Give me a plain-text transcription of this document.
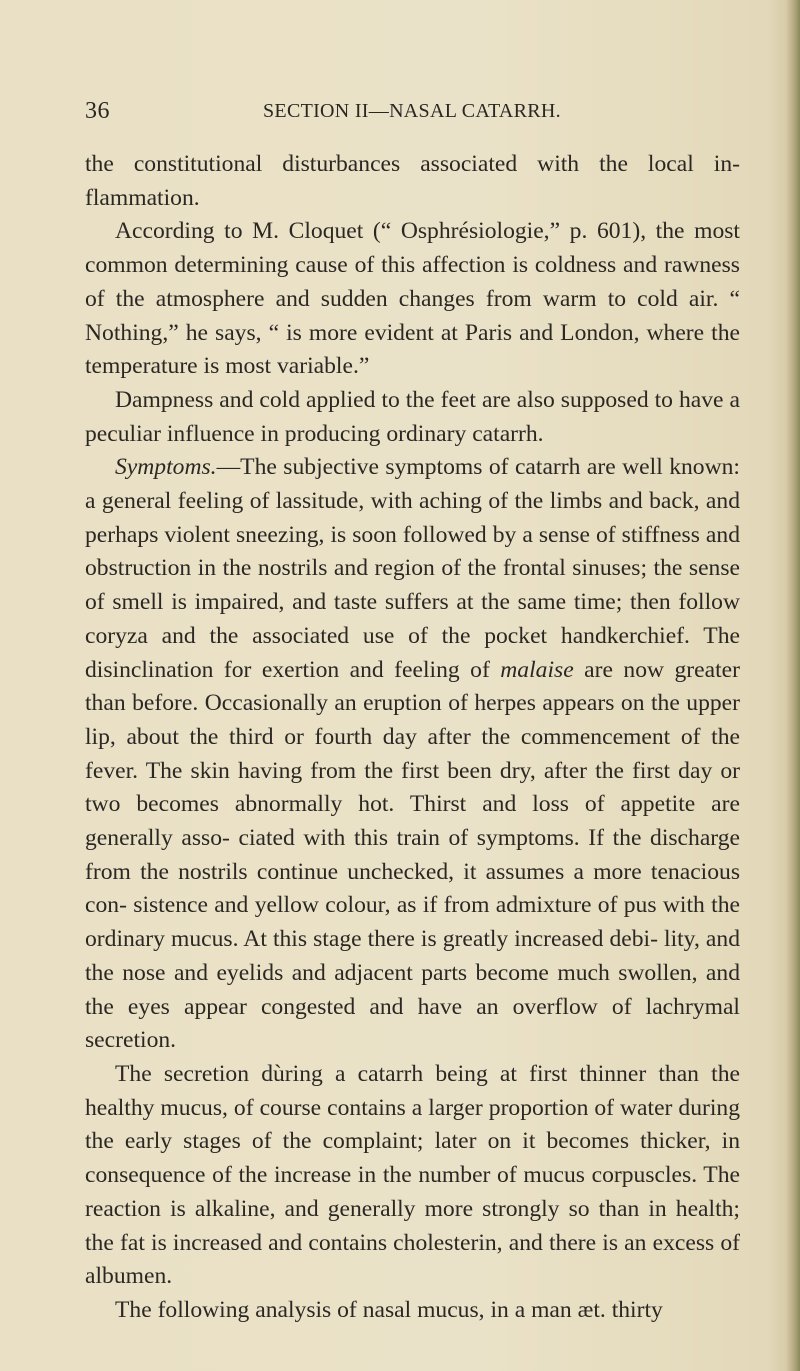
36	SECTION II—NASAL CATARRH.

the constitutional disturbances associated with the local in- flammation.

According to M. Cloquet (“ Osphrésiologie,” p. 601), the most common determining cause of this affection is coldness and rawness of the atmosphere and sudden changes from warm to cold air. “ Nothing,” he says, “ is more evident at Paris and London, where the temperature is most variable.”

Dampness and cold applied to the feet are also supposed to have a peculiar influence in producing ordinary catarrh.

Symptoms.—The subjective symptoms of catarrh are well known: a general feeling of lassitude, with aching of the limbs and back, and perhaps violent sneezing, is soon followed by a sense of stiffness and obstruction in the nostrils and region of the frontal sinuses; the sense of smell is impaired, and taste suffers at the same time; then follow coryza and the associated use of the pocket handkerchief. The disinclination for exertion and feeling of malaise are now greater than before. Occasionally an eruption of herpes appears on the upper lip, about the third or fourth day after the commencement of the fever. The skin having from the first been dry, after the first day or two becomes abnormally hot. Thirst and loss of appetite are generally asso- ciated with this train of symptoms. If the discharge from the nostrils continue unchecked, it assumes a more tenacious con- sistence and yellow colour, as if from admixture of pus with the ordinary mucus. At this stage there is greatly increased debi- lity, and the nose and eyelids and adjacent parts become much swollen, and the eyes appear congested and have an overflow of lachrymal secretion.

The secretion dùring a catarrh being at first thinner than the healthy mucus, of course contains a larger proportion of water during the early stages of the complaint; later on it becomes thicker, in consequence of the increase in the number of mucus corpuscles. The reaction is alkaline, and generally more strongly so than in health; the fat is increased and contains cholesterin, and there is an excess of albumen.

The following analysis of nasal mucus, in a man æt. thirty
